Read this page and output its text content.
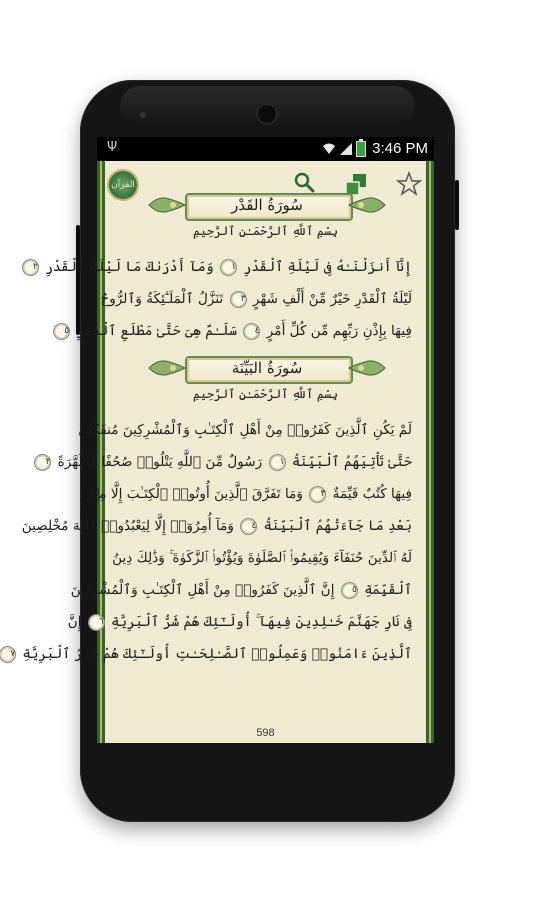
Ψ	3:46 PM
القرآن
سُورَةُ القَدْر
بِسْمِ ٱللَّهِ ٱلرَّحْمَـٰنِ ٱلرَّحِيمِ
إِنَّآ أَنزَلْنَـٰهُ فِى لَيْلَةِ ٱلْقَدْرِ ١ وَمَآ أَدْرَىٰكَ مَا لَيْلَةُ ٱلْقَدْرِ ٢
لَيْلَةُ ٱلْقَدْرِ خَيْرٌ مِّنْ أَلْفِ شَهْرٍ ٣ تَنَزَّلُ ٱلْمَلَـٰٓئِكَةُ وَٱلرُّوحُ
فِيهَا بِإِذْنِ رَبِّهِم مِّن كُلِّ أَمْرٍ ٤ سَلَـٰمٌ هِىَ حَتَّىٰ مَطْلَعِ ٱلْفَجْرِ ٥
سُورَةُ البَيِّنَة
بِسْمِ ٱللَّهِ ٱلرَّحْمَـٰنِ ٱلرَّحِيمِ
لَمْ يَكُنِ ٱلَّذِينَ كَفَرُوا۟ مِنْ أَهْلِ ٱلْكِتَـٰبِ وَٱلْمُشْرِكِينَ مُنفَكِّينَ
حَتَّىٰ تَأْتِيَهُمُ ٱلْبَيِّنَةُ ١ رَسُولٌ مِّنَ ٱللَّهِ يَتْلُوا۟ صُحُفًا مُّطَهَّرَةً ٢
فِيهَا كُتُبٌ قَيِّمَةٌ ٣ وَمَا تَفَرَّقَ ٱلَّذِينَ أُوتُوا۟ ٱلْكِتَـٰبَ إِلَّا مِنۢ
بَعْدِ مَا جَآءَتْهُمُ ٱلْبَيِّنَةُ ٤ وَمَآ أُمِرُوٓا۟ إِلَّا لِيَعْبُدُوا۟ ٱللَّهَ مُخْلِصِينَ
لَهُ ٱلدِّينَ حُنَفَآءَ وَيُقِيمُوا۟ ٱلصَّلَوٰةَ وَيُؤْتُوا۟ ٱلزَّكَوٰةَ ۚ وَذَٰلِكَ دِينُ
ٱلْقَيِّمَةِ ٥ إِنَّ ٱلَّذِينَ كَفَرُوا۟ مِنْ أَهْلِ ٱلْكِتَـٰبِ وَٱلْمُشْرِكِينَ
فِى نَارِ جَهَنَّمَ خَـٰلِدِينَ فِيهَآ ۚ أُولَـٰٓئِكَ هُمْ شَرُّ ٱلْبَرِيَّةِ ٦ إِنَّ
ٱلَّذِينَ ءَامَنُوا۟ وَعَمِلُوا۟ ٱلصَّـٰلِحَـٰتِ أُولَـٰٓئِكَ هُمْ خَيْرُ ٱلْبَرِيَّةِ ٧
598
